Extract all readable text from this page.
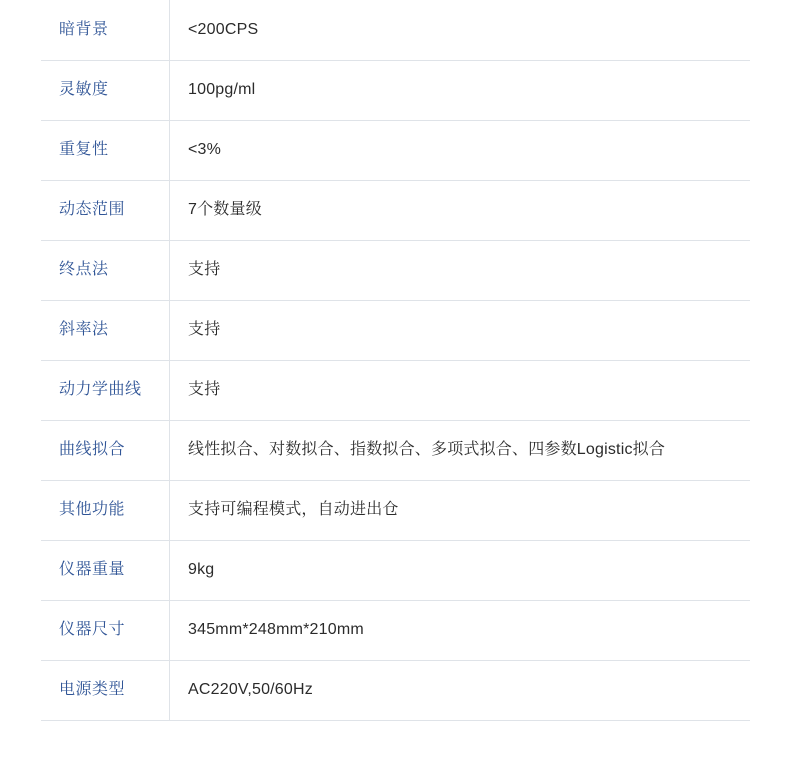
暗背景	<200CPS
灵敏度	100pg/ml
重复性	<3%
动态范围	7个数量级
终点法	支持
斜率法	支持
动力学曲线	支持
曲线拟合	线性拟合、对数拟合、指数拟合、多项式拟合、四参数Logistic拟合
其他功能	支持可编程模式，自动进出仓
仪器重量	9kg
仪器尺寸	345mm*248mm*210mm
电源类型	AC220V,50/60Hz
